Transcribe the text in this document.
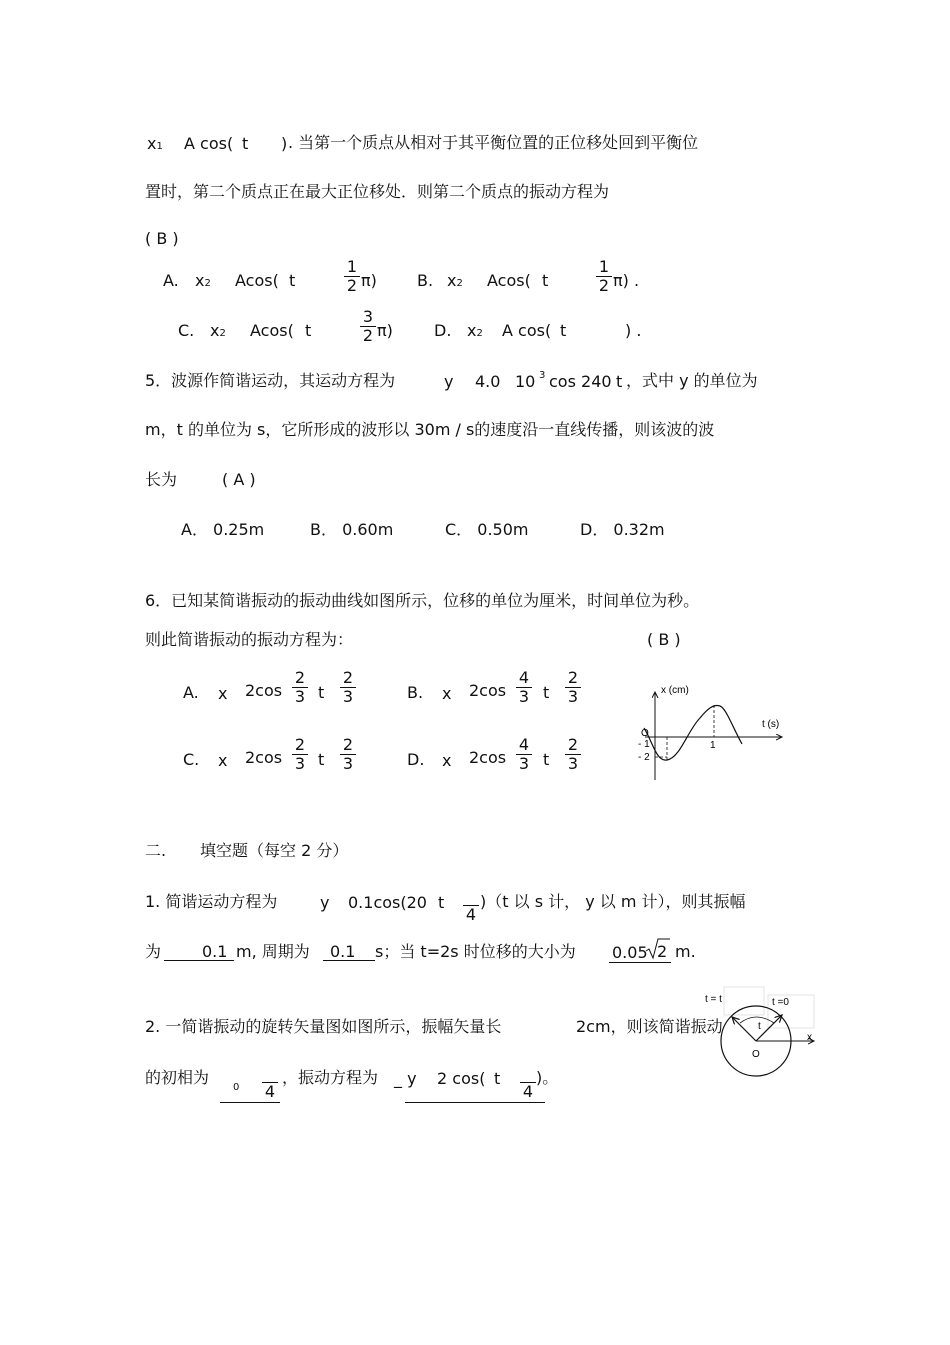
x1 A cos( t ) . 当第一个质点从相对于其平衡位置的正位移处回到平衡位
置时，第二个质点正在最大正位移处．则第二个质点的振动方程为
( B )
A. x2 Acos( t	$\frac{1}{2} \pi$)	B. x2 Acos( t	$\frac{1}{2} \pi$) .
C. x2 Acos( t	$\frac{3}{2} \pi$)	D. x2 A cos( t	) .
5．波源作简谐运动，其运动方程为	y 4.0 10 3 cos 240 t ，式中 y 的单位为
m，t 的单位为 s，它所形成的波形以 30m / s的速度沿一直线传播，则该波的波
长为	( A )
A． 0.25m	B． 0.60m	C． 0.50m	D． 0.32m
6．已知某简谐振动的振动曲线如图所示，位移的单位为厘米，时间单位为秒。
则此简谐振动的振动方程为：	( B )
A. x $2\cos \frac{2}{3}$ t $\frac{2}{3}$	B. x $2\cos \frac{4}{3}$ t $\frac{2}{3}$
C. x $2\cos \frac{2}{3}$ t $\frac{2}{3}$	D. x $2\cos \frac{4}{3}$ t $\frac{2}{3}$
x (cm)
t (s)
O
- 1
- 2
1
二. 填空题（每空 2 分）
1. 简谐运动方程为	y 0.1cos(20 t

4
)（t 以 s 计， y 以 m 计），则其振幅
为	0.1 m, 周期为 0.1 s；当 t=2s 时位移的大小为 0.05 2 m.
2. 一简谐振动的旋转矢量图如图所示，振幅矢量长	2cm，则该简谐振动
的初相为
0
4
，振动方程为 _ y 2 cos( t

4
)。
t = t	t =0
t
O
x
